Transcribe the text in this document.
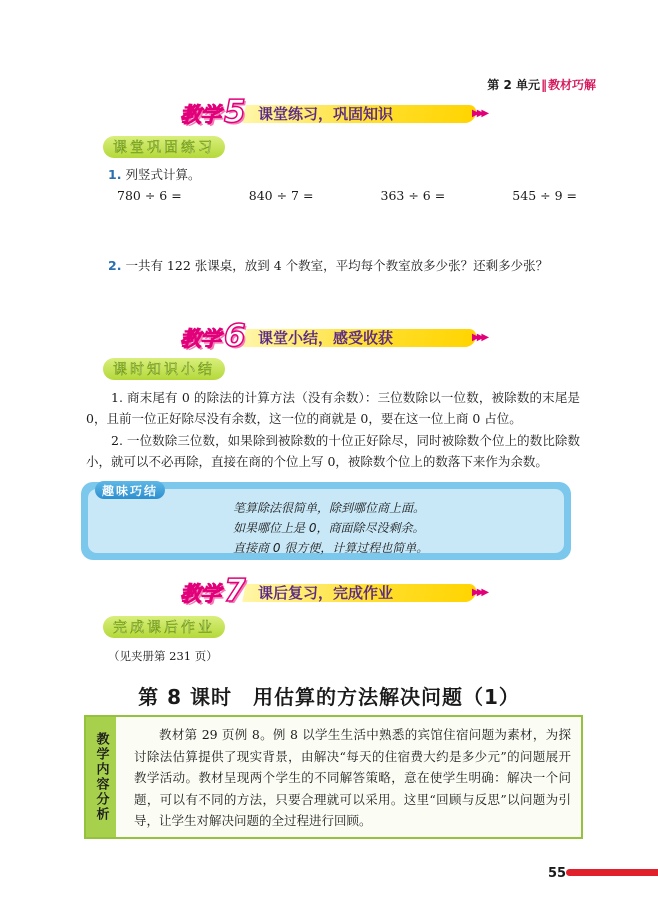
第 2 单元‖教材巧解
教学 5 课堂练习，巩固知识	▶▶▶
课堂巩固练习
1. 列竖式计算。
780 ÷ 6 =	840 ÷ 7 =	363 ÷ 6 =	545 ÷ 9 =
2. 一共有 122 张课桌，放到 4 个教室，平均每个教室放多少张？还剩多少张？
教学 6 课堂小结，感受收获	▶▶▶
课时知识小结
1. 商末尾有 0 的除法的计算方法（没有余数）：三位数除以一位数，被除数的末尾是 0，且前一位正好除尽没有余数，这一位的商就是 0，要在这一位上商 0 占位。
2. 一位数除三位数，如果除到被除数的十位正好除尽，同时被除数个位上的数比除数小，就可以不必再除，直接在商的个位上写 0，被除数个位上的数落下来作为余数。
趣味巧结
笔算除法很简单，除到哪位商上面。
如果哪位上是 0，商面除尽没剩余。
直接商 0 很方便，计算过程也简单。
教学 7 课后复习，完成作业	▶▶▶
完成课后作业
（见夹册第 231 页）
第 8 课时　用估算的方法解决问题（1）
教学内容分析	教材第 29 页例 8。例 8 以学生生活中熟悉的宾馆住宿问题为素材，为探讨除法估算提供了现实背景，由解决“每天的住宿费大约是多少元”的问题展开教学活动。教材呈现两个学生的不同解答策略，意在使学生明确：解决一个问题，可以有不同的方法，只要合理就可以采用。这里“回顾与反思”以问题为引导，让学生对解决问题的全过程进行回顾。
55
